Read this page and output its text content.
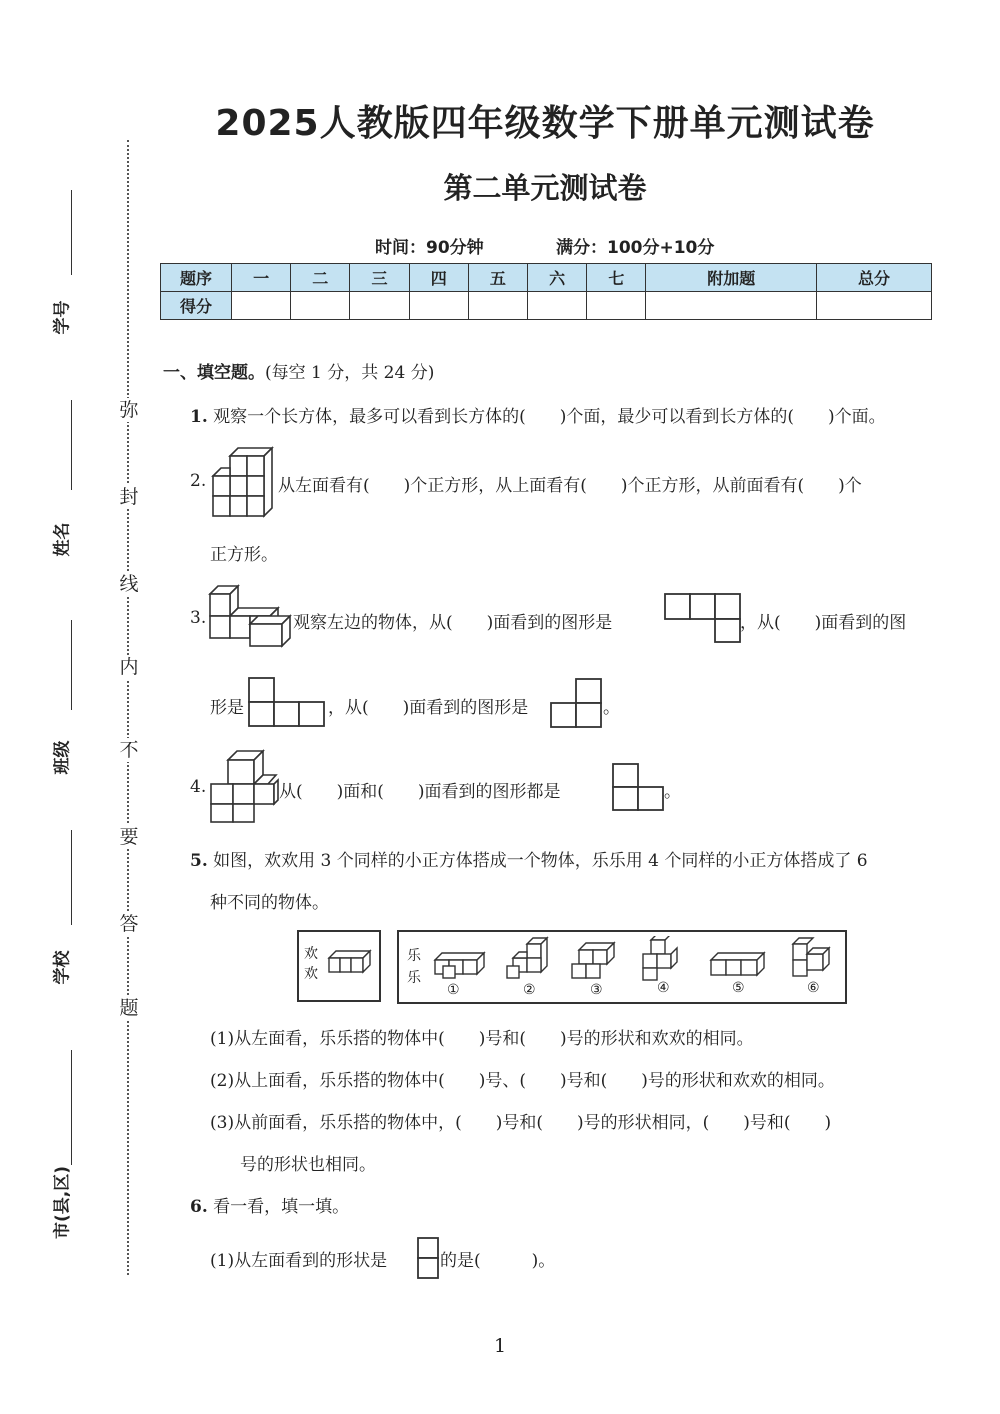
弥
封
线
内
不
要
答
题
学号
姓名
班级
学校
市(县,区)
2025人教版四年级数学下册单元测试卷
第二单元测试卷
时间：90分钟	满分：100分+10分
题序	一	二	三	四	五	六	七	附加题	总分
得分									
一、填空题。(每空 1 分，共 24 分)
1. 观察一个长方体，最多可以看到长方体的(　　)个面，最少可以看到长方体的(　　)个面。
2.	从左面看有(　　)个正方形，从上面看有(　　)个正方形，从前面看有(　　)个
正方形。
3.	观察左边的物体，从(　　)面看到的图形是	，从(　　)面看到的图
形是	，从(　　)面看到的图形是	。
4.	从(　　)面和(　　)面看到的图形都是	。
5. 如图，欢欢用 3 个同样的小正方体搭成一个物体，乐乐用 4 个同样的小正方体搭成了 6
种不同的物体。
欢
欢
乐
乐
①	②	③	④	⑤	⑥
(1)从左面看，乐乐搭的物体中(　　)号和(　　)号的形状和欢欢的相同。
(2)从上面看，乐乐搭的物体中(　　)号、(　　)号和(　　)号的形状和欢欢的相同。
(3)从前面看，乐乐搭的物体中，(　　)号和(　　)号的形状相同，(　　)号和(　　)
号的形状也相同。
6. 看一看，填一填。
(1)从左面看到的形状是	的是(　　　)。
1
